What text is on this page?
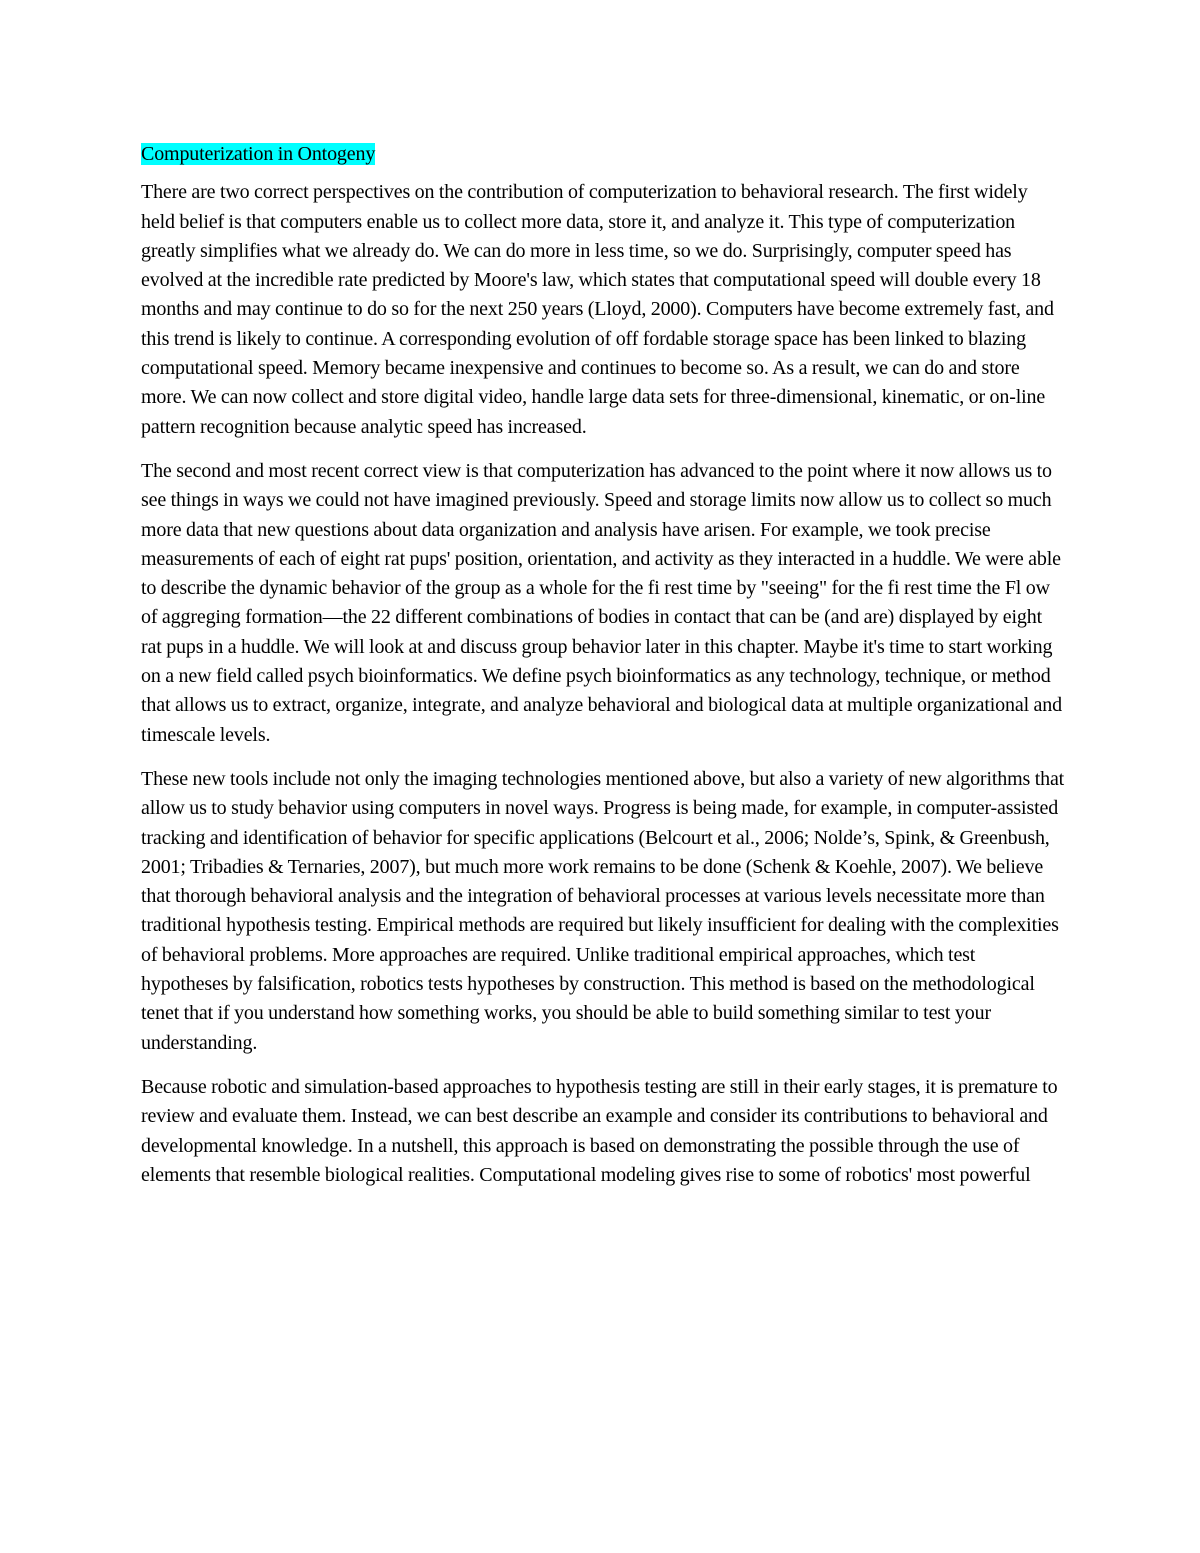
Computerization in Ontogeny

There are two correct perspectives on the contribution of computerization to behavioral research. The first widely held belief is that computers enable us to collect more data, store it, and analyze it. This type of computerization greatly simplifies what we already do. We can do more in less time, so we do. Surprisingly, computer speed has evolved at the incredible rate predicted by Moore's law, which states that computational speed will double every 18 months and may continue to do so for the next 250 years (Lloyd, 2000). Computers have become extremely fast, and this trend is likely to continue. A corresponding evolution of off fordable storage space has been linked to blazing computational speed. Memory became inexpensive and continues to become so. As a result, we can do and store more. We can now collect and store digital video, handle large data sets for three-dimensional, kinematic, or on-line pattern recognition because analytic speed has increased.

The second and most recent correct view is that computerization has advanced to the point where it now allows us to see things in ways we could not have imagined previously. Speed and storage limits now allow us to collect so much more data that new questions about data organization and analysis have arisen. For example, we took precise measurements of each of eight rat pups' position, orientation, and activity as they interacted in a huddle. We were able to describe the dynamic behavior of the group as a whole for the fi rest time by "seeing" for the fi rest time the Fl ow of aggreging formation—the 22 different combinations of bodies in contact that can be (and are) displayed by eight rat pups in a huddle. We will look at and discuss group behavior later in this chapter. Maybe it's time to start working on a new field called psych bioinformatics. We define psych bioinformatics as any technology, technique, or method that allows us to extract, organize, integrate, and analyze behavioral and biological data at multiple organizational and timescale levels.

These new tools include not only the imaging technologies mentioned above, but also a variety of new algorithms that allow us to study behavior using computers in novel ways. Progress is being made, for example, in computer-assisted tracking and identification of behavior for specific applications (Belcourt et al., 2006; Nolde’s, Spink, & Greenbush, 2001; Tribadies & Ternaries, 2007), but much more work remains to be done (Schenk & Koehle, 2007). We believe that thorough behavioral analysis and the integration of behavioral processes at various levels necessitate more than traditional hypothesis testing. Empirical methods are required but likely insufficient for dealing with the complexities of behavioral problems. More approaches are required. Unlike traditional empirical approaches, which test hypotheses by falsification, robotics tests hypotheses by construction. This method is based on the methodological tenet that if you understand how something works, you should be able to build something similar to test your understanding.

Because robotic and simulation-based approaches to hypothesis testing are still in their early stages, it is premature to review and evaluate them. Instead, we can best describe an example and consider its contributions to behavioral and developmental knowledge. In a nutshell, this approach is based on demonstrating the possible through the use of elements that resemble biological realities. Computational modeling gives rise to some of robotics' most powerful
